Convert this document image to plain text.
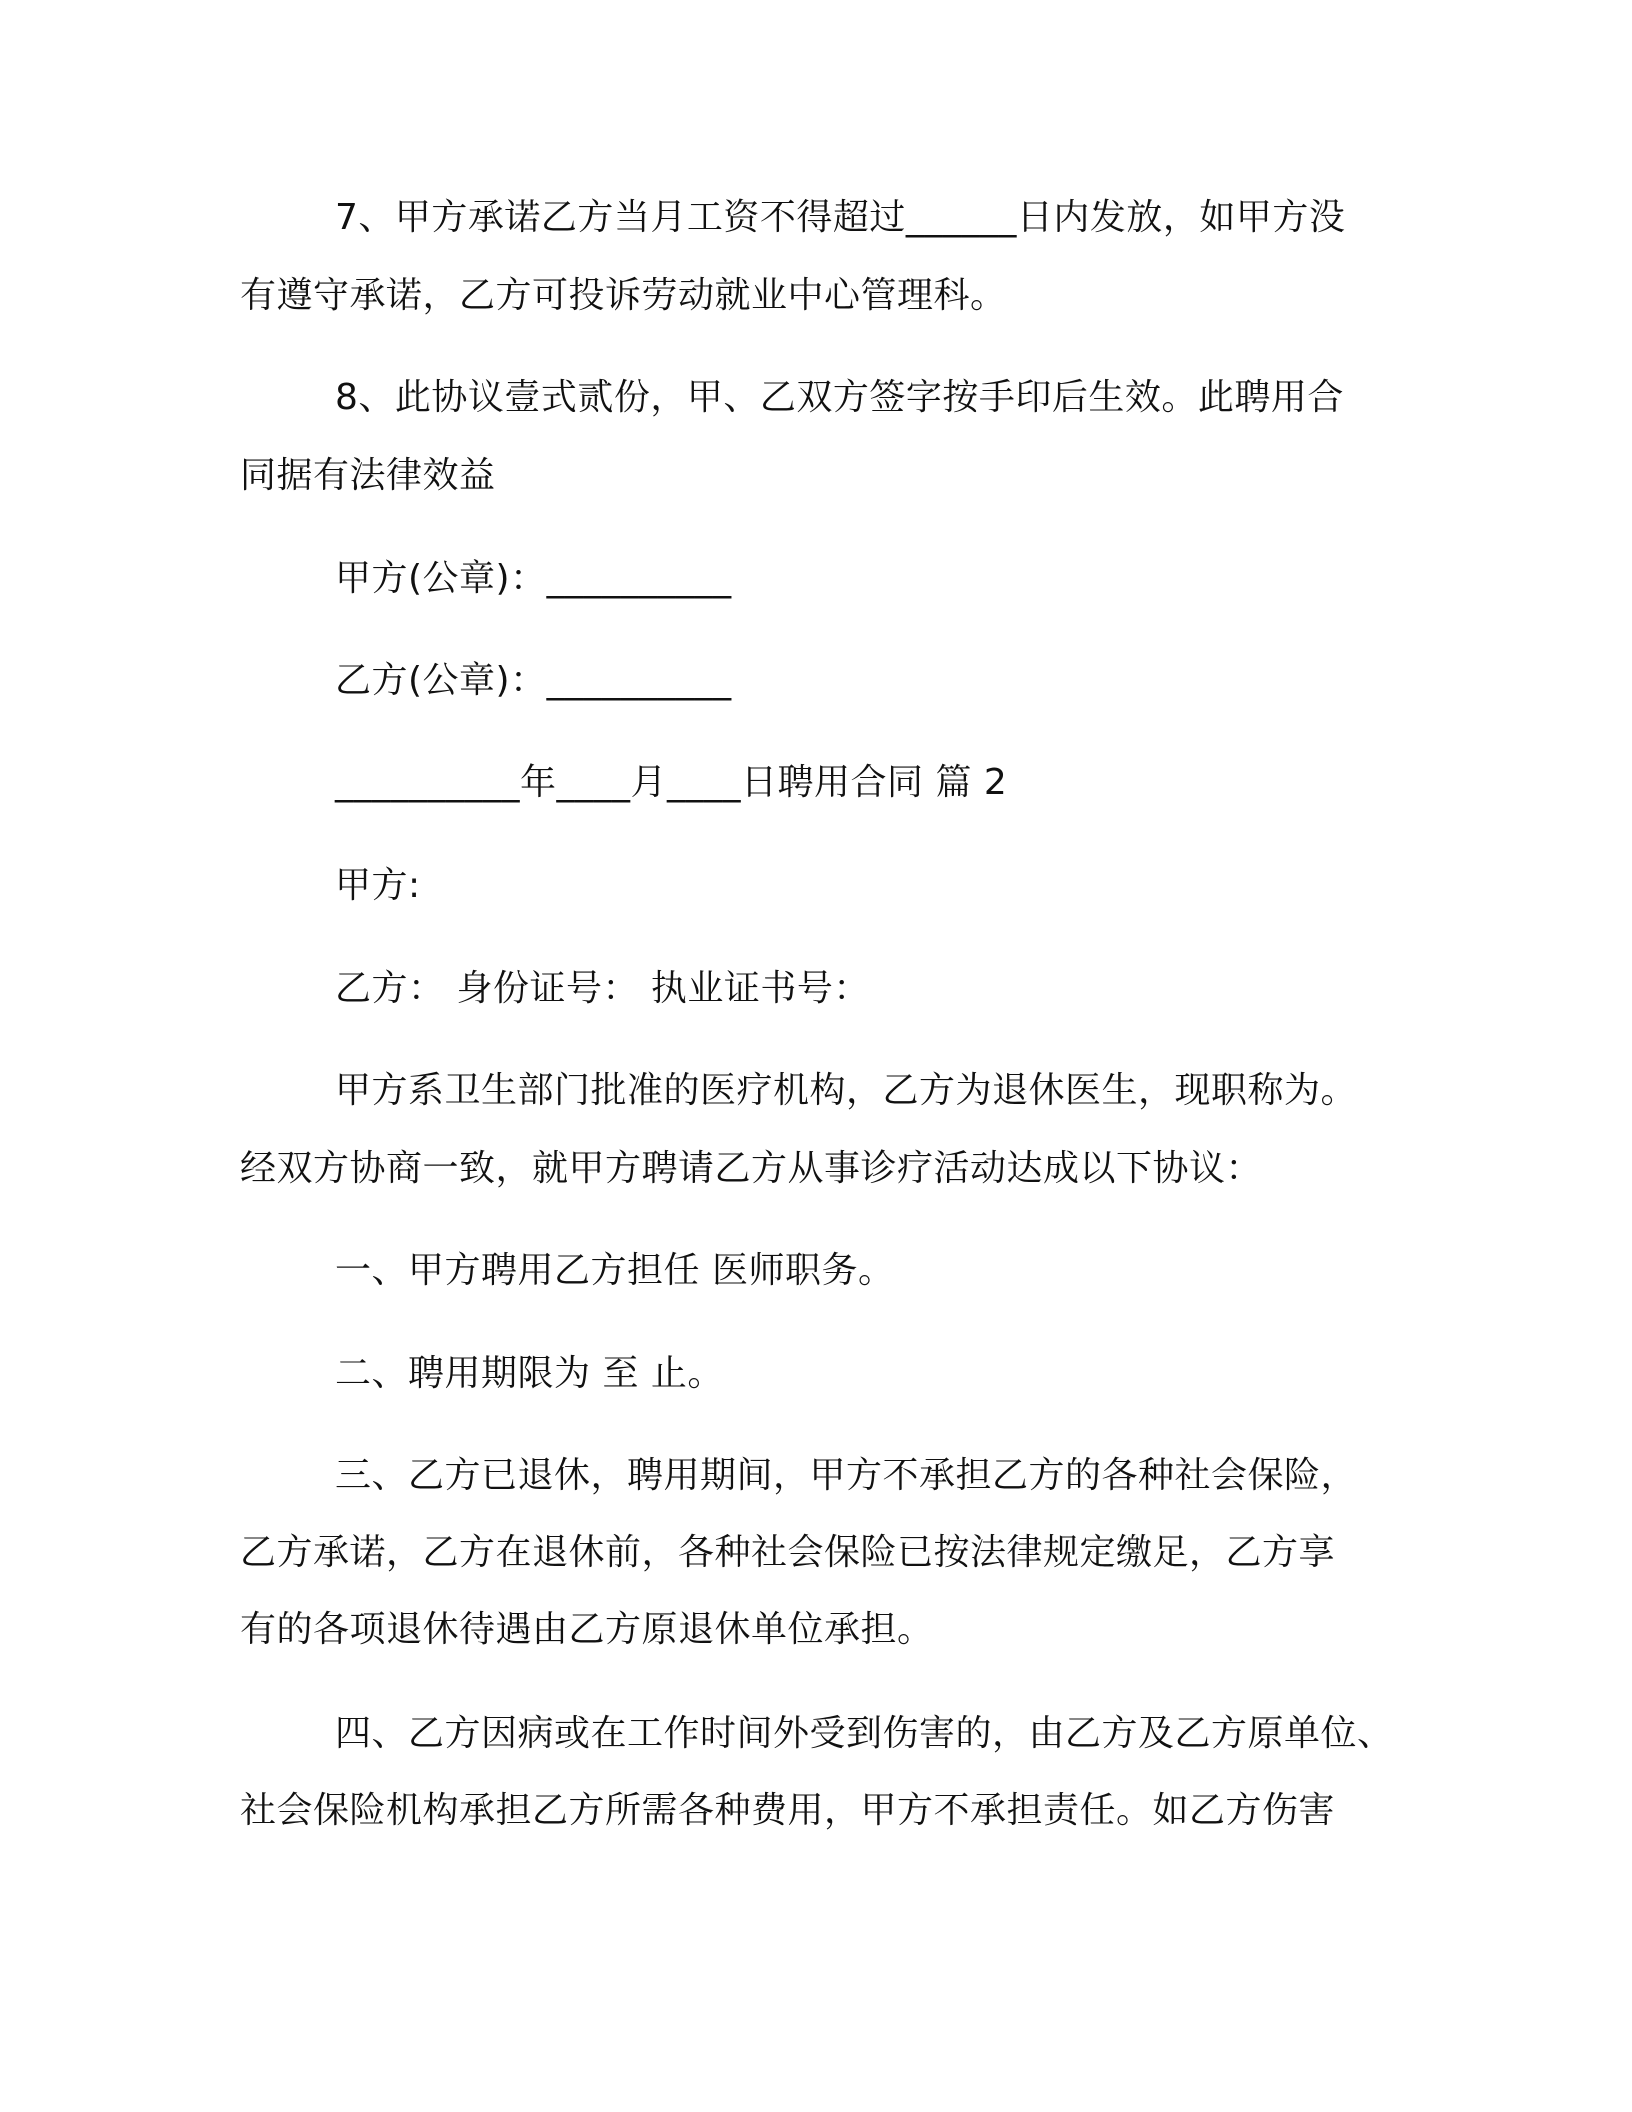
7、甲方承诺乙方当月工资不得超过______日内发放，如甲方没
有遵守承诺，乙方可投诉劳动就业中心管理科。
8、此协议壹式贰份，甲、乙双方签字按手印后生效。此聘用合
同据有法律效益
甲方(公章)：__________
乙方(公章)：__________
__________年____月____日聘用合同 篇 2
甲方:
乙方： 身份证号： 执业证书号：
甲方系卫生部门批准的医疗机构，乙方为退休医生，现职称为。
经双方协商一致，就甲方聘请乙方从事诊疗活动达成以下协议：
一、甲方聘用乙方担任 医师职务。
二、聘用期限为 至 止。
三、乙方已退休，聘用期间，甲方不承担乙方的各种社会保险，
乙方承诺，乙方在退休前，各种社会保险已按法律规定缴足，乙方享
有的各项退休待遇由乙方原退休单位承担。
四、乙方因病或在工作时间外受到伤害的，由乙方及乙方原单位、
社会保险机构承担乙方所需各种费用，甲方不承担责任。如乙方伤害
